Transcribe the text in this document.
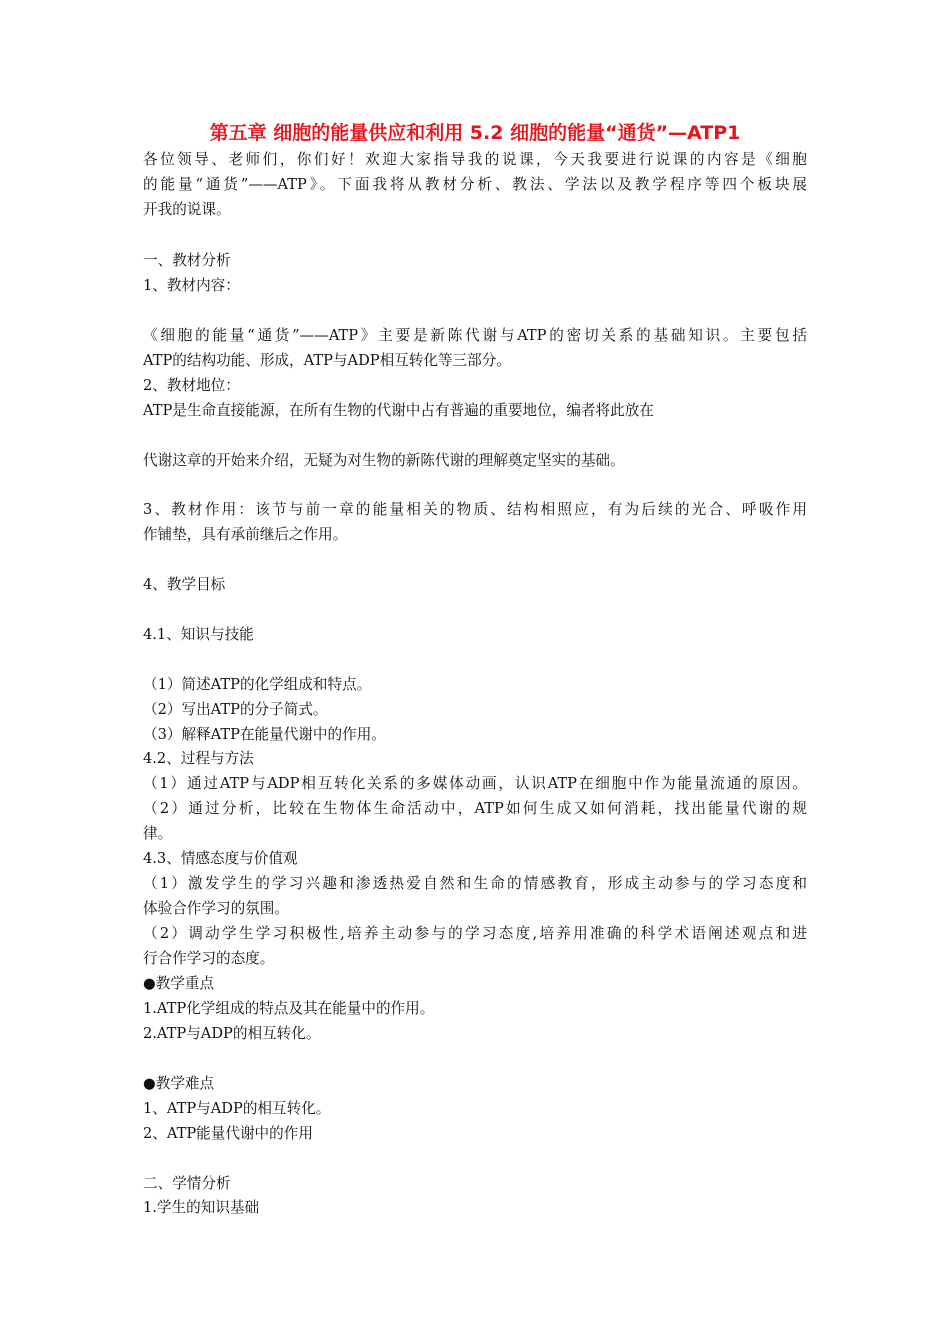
第五章 细胞的能量供应和利用 5.2 细胞的能量“通货”—ATP1
各位领导、老师们，你们好！欢迎大家指导我的说课，今天我要进行说课的内容是《细胞
的能量“通货”——ATP》。下面我将从教材分析、教法、学法以及教学程序等四个板块展
开我的说课。
一、教材分析
1、教材内容：
《细胞的能量“通货”——ATP》主要是新陈代谢与ATP的密切关系的基础知识。主要包括
ATP的结构功能、形成，ATP与ADP相互转化等三部分。
2、教材地位：
ATP是生命直接能源，在所有生物的代谢中占有普遍的重要地位，编者将此放在
代谢这章的开始来介绍，无疑为对生物的新陈代谢的理解奠定坚实的基础。
3、教材作用：该节与前一章的能量相关的物质、结构相照应，有为后续的光合、呼吸作用
作铺垫，具有承前继后之作用。
4、教学目标
4.1、知识与技能
（1）简述ATP的化学组成和特点。
（2）写出ATP的分子简式。
（3）解释ATP在能量代谢中的作用。
4.2、过程与方法
（1）通过ATP与ADP相互转化关系的多媒体动画，认识ATP在细胞中作为能量流通的原因。
（2）通过分析，比较在生物体生命活动中，ATP如何生成又如何消耗，找出能量代谢的规
律。
4.3、情感态度与价值观
（1）激发学生的学习兴趣和渗透热爱自然和生命的情感教育，形成主动参与的学习态度和
体验合作学习的氛围。
（2）调动学生学习积极性,培养主动参与的学习态度,培养用准确的科学术语阐述观点和进
行合作学习的态度。
●教学重点
1.ATP化学组成的特点及其在能量中的作用。
2.ATP与ADP的相互转化。
●教学难点
1、ATP与ADP的相互转化。
2、ATP能量代谢中的作用
二、学情分析
1.学生的知识基础
